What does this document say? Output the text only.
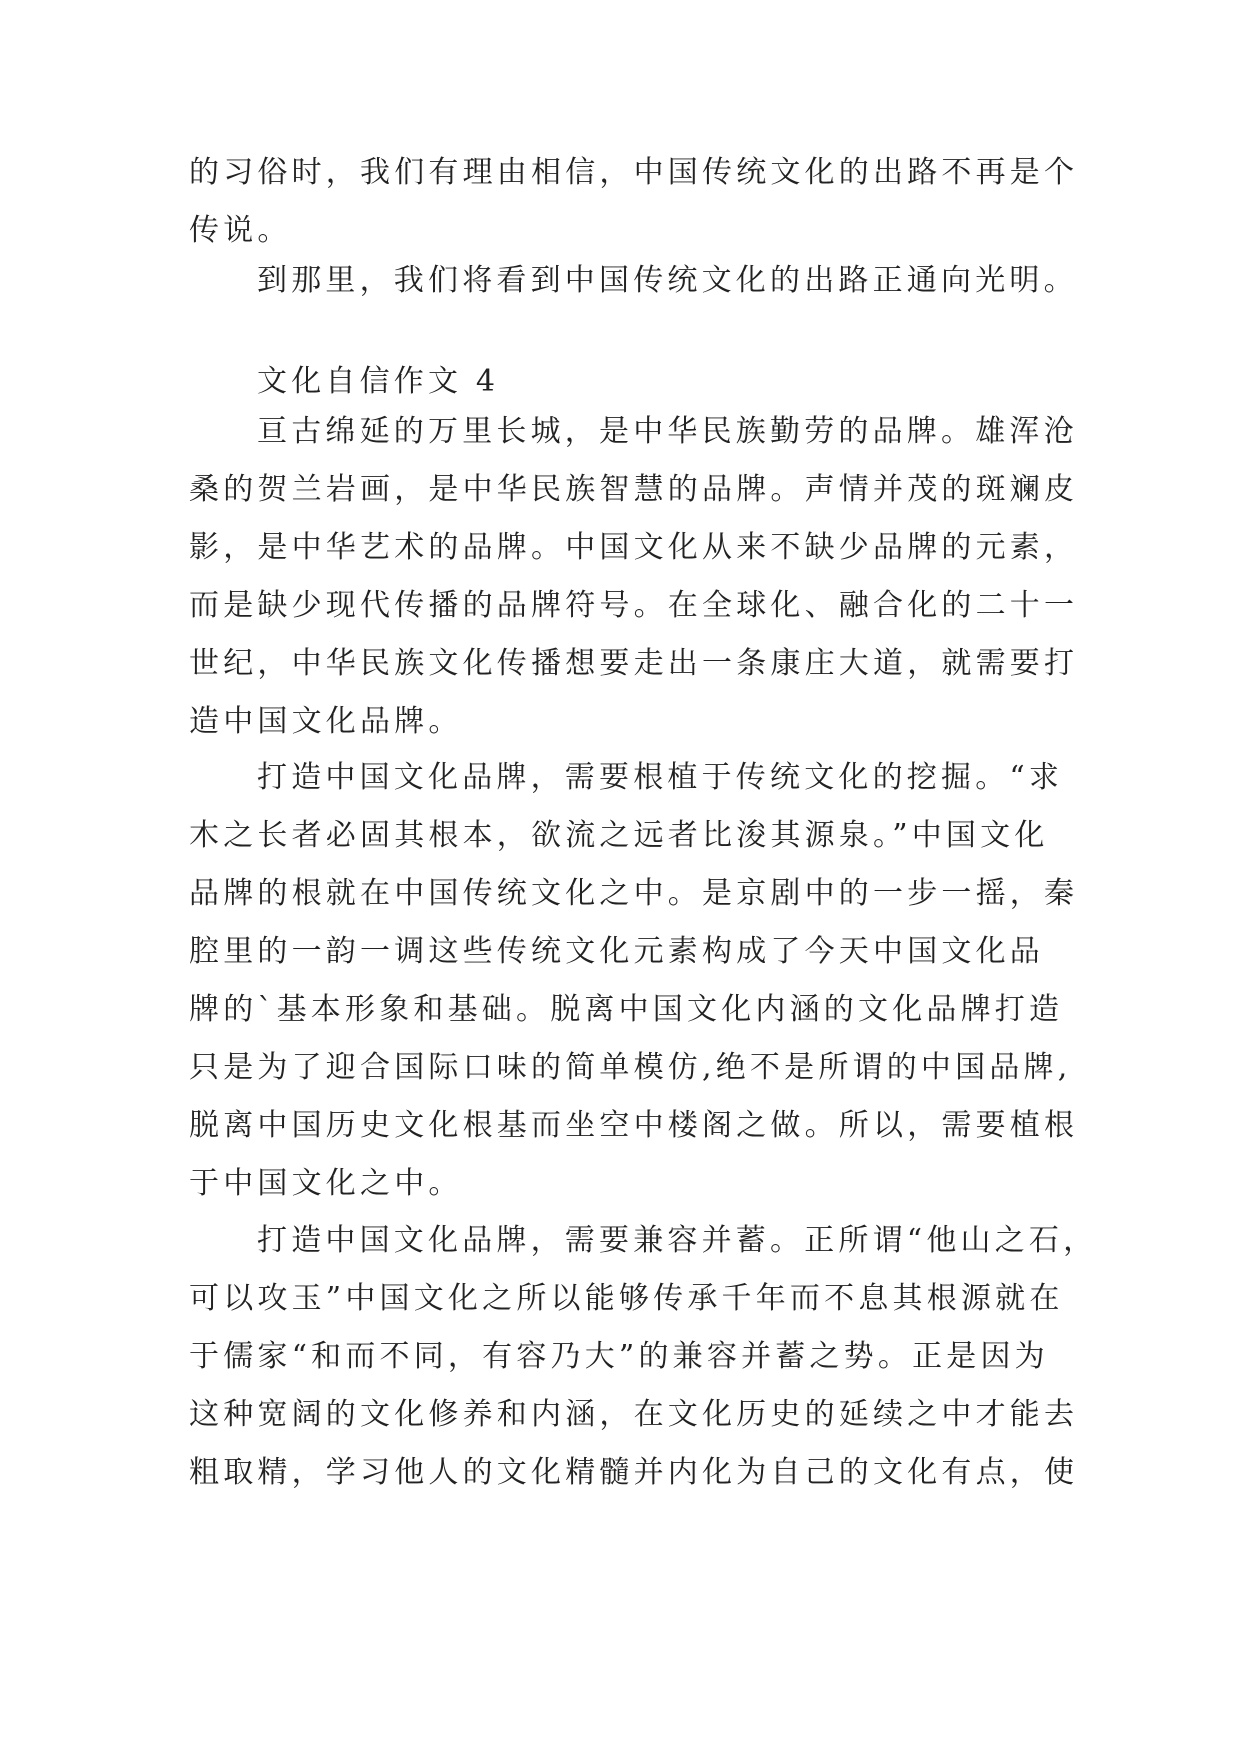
的习俗时，我们有理由相信，中国传统文化的出路不再是个
传说。
到那里，我们将看到中国传统文化的出路正通向光明。
文化自信作文 4
亘古绵延的万里长城，是中华民族勤劳的品牌。雄浑沧
桑的贺兰岩画，是中华民族智慧的品牌。声情并茂的斑斓皮
影，是中华艺术的品牌。中国文化从来不缺少品牌的元素，
而是缺少现代传播的品牌符号。在全球化、融合化的二十一
世纪，中华民族文化传播想要走出一条康庄大道，就需要打
造中国文化品牌。
打造中国文化品牌，需要根植于传统文化的挖掘。“求
木之长者必固其根本，欲流之远者比浚其源泉。”中国文化
品牌的根就在中国传统文化之中。是京剧中的一步一摇，秦
腔里的一韵一调这些传统文化元素构成了今天中国文化品
牌的`基本形象和基础。脱离中国文化内涵的文化品牌打造
只是为了迎合国际口味的简单模仿,绝不是所谓的中国品牌,
脱离中国历史文化根基而坐空中楼阁之做。所以，需要植根
于中国文化之中。
打造中国文化品牌，需要兼容并蓄。正所谓“他山之石，
可以攻玉”中国文化之所以能够传承千年而不息其根源就在
于儒家“和而不同，有容乃大”的兼容并蓄之势。正是因为
这种宽阔的文化修养和内涵，在文化历史的延续之中才能去
粗取精，学习他人的文化精髓并内化为自己的文化有点，使
